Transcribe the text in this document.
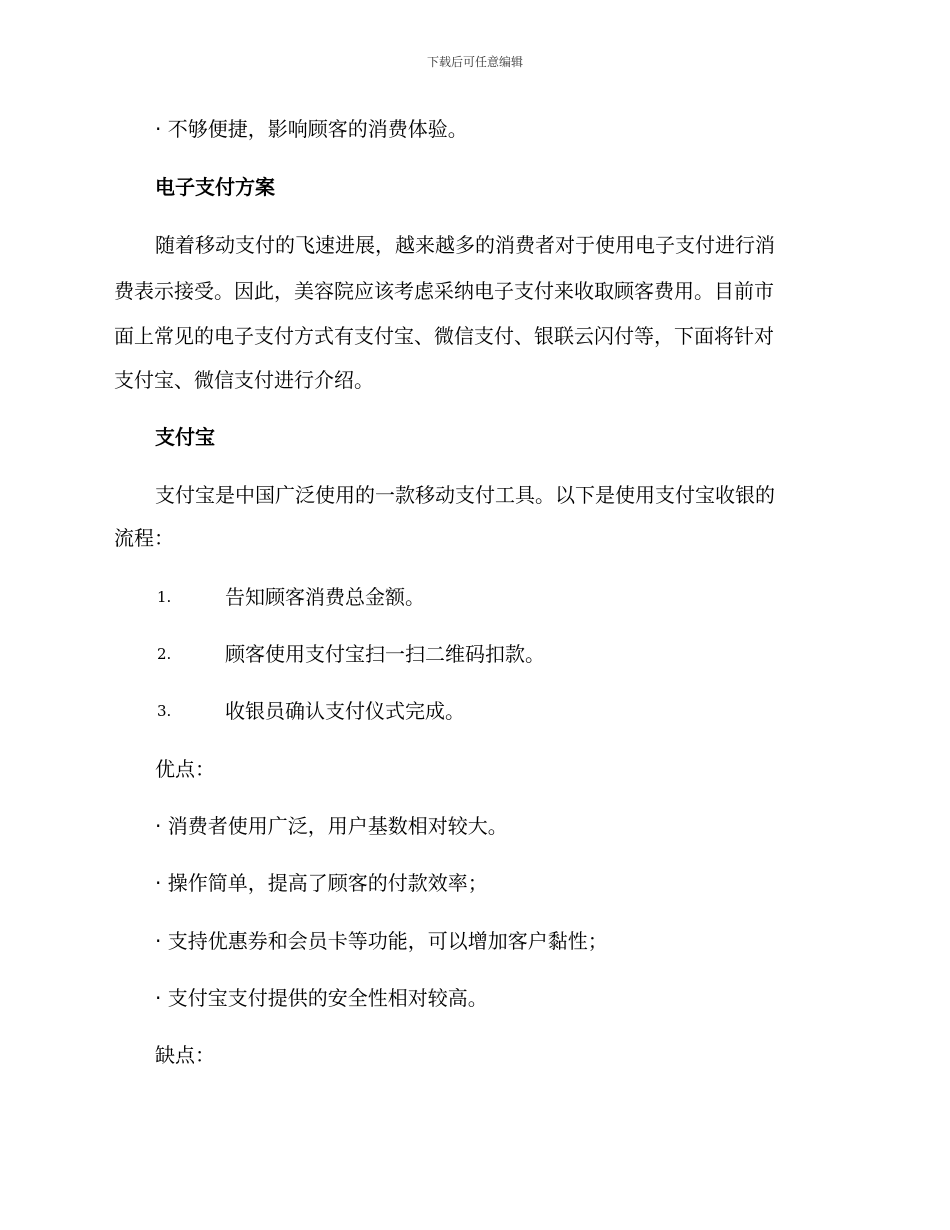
下载后可任意编辑
· 不够便捷，影响顾客的消费体验。
电子支付方案
随着移动支付的飞速进展，越来越多的消费者对于使用电子支付进行消
费表示接受。因此，美容院应该考虑采纳电子支付来收取顾客费用。目前市
面上常见的电子支付方式有支付宝、微信支付、银联云闪付等，下面将针对
支付宝、微信支付进行介绍。
支付宝
支付宝是中国广泛使用的一款移动支付工具。以下是使用支付宝收银的
流程：
1.	告知顾客消费总金额。
2.	顾客使用支付宝扫一扫二维码扣款。
3.	收银员确认支付仪式完成。
优点：
· 消费者使用广泛，用户基数相对较大。
· 操作简单，提高了顾客的付款效率；
· 支持优惠券和会员卡等功能，可以增加客户黏性；
· 支付宝支付提供的安全性相对较高。
缺点：
